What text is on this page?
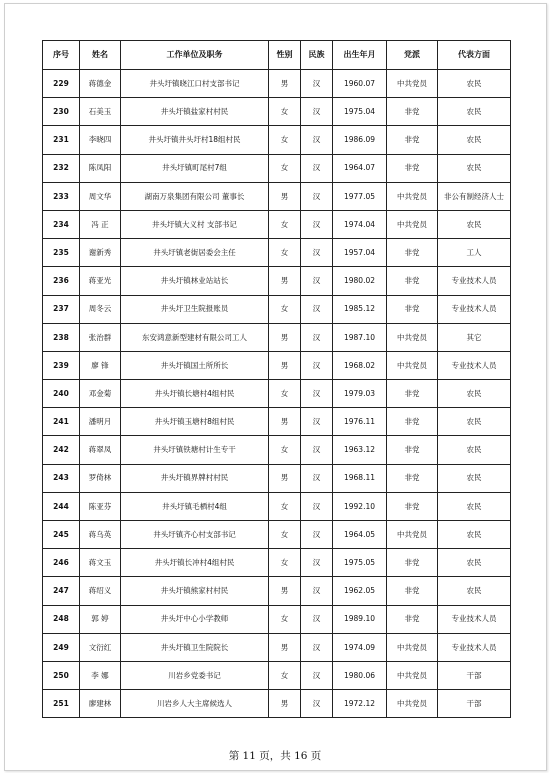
序号	姓名	工作单位及职务	性别	民族	出生年月	党派	代表方面
229	蒋德金	井头圩镇晓江口村支部书记	男	汉	1960.07	中共党员	农民
230	石美玉	井头圩镇盐家村村民	女	汉	1975.04	非党	农民
231	李晓四	井头圩镇井头圩村18组村民	女	汉	1986.09	非党	农民
232	陈凤阳	井头圩镇町尾村7组	女	汉	1964.07	非党	农民
233	周文华	湖南万泉集团有限公司 董事长	男	汉	1977.05	中共党员	非公有制经济人士
234	冯 正	井头圩镇大义村 支部书记	女	汉	1974.04	中共党员	农民
235	谢新秀	井头圩镇老街居委会主任	女	汉	1957.04	非党	工人
236	蒋亚光	井头圩镇林业站站长	男	汉	1980.02	非党	专业技术人员
237	周冬云	井头圩卫生院报账员	女	汉	1985.12	非党	专业技术人员
238	张治群	东安鸿意新型建材有限公司工人	男	汉	1987.10	中共党员	其它
239	廖 锋	井头圩镇国土所所长	男	汉	1968.02	中共党员	专业技术人员
240	邓金菊	井头圩镇长塘村4组村民	女	汉	1979.03	非党	农民
241	潘明月	井头圩镇玉塘村8组村民	男	汉	1976.11	非党	农民
242	蒋翠凤	井头圩镇铁塘村计生专干	女	汉	1963.12	非党	农民
243	罗倚林	井头圩镇界牌村村民	男	汉	1968.11	非党	农民
244	陈亚芬	井头圩镇毛栖村4组	女	汉	1992.10	非党	农民
245	蒋乌英	井头圩镇齐心村支部书记	女	汉	1964.05	中共党员	农民
246	蒋文玉	井头圩镇长冲村4组村民	女	汉	1975.05	非党	农民
247	蒋绍义	井头圩镇熊家村村民	男	汉	1962.05	非党	农民
248	郭 婷	井头圩中心小学教师	女	汉	1989.10	非党	专业技术人员
249	文衍红	井头圩镇卫生院院长	男	汉	1974.09	中共党员	专业技术人员
250	李 娜	川岩乡党委书记	女	汉	1980.06	中共党员	干部
251	廖建林	川岩乡人大主席候选人	男	汉	1972.12	中共党员	干部
第 11 页，共 16 页
